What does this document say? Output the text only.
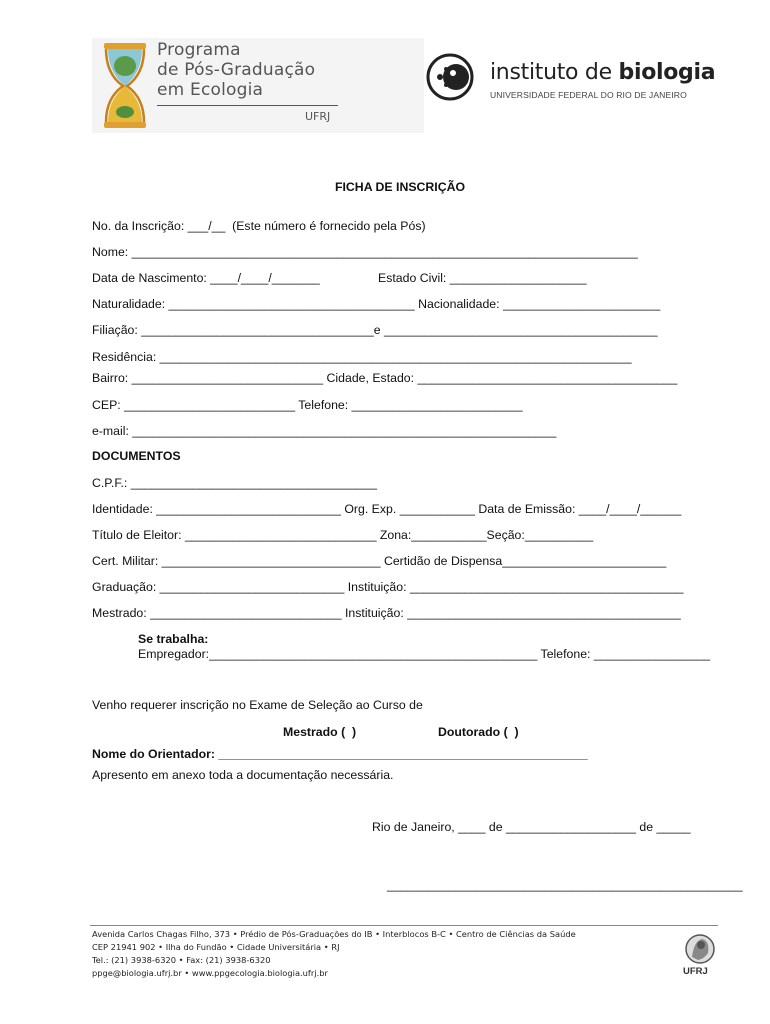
Programa
de Pós-Graduação
em Ecologia
UFRJ
instituto de biologia
UNIVERSIDADE FEDERAL DO RIO DE JANEIRO
FICHA DE INSCRIÇÃO
No. da Inscrição: ___/__  (Este número é fornecido pela Pós)
Nome: __________________________________________________________________________
Data de Nascimento: ____/____/_______	Estado Civil: ____________________
Naturalidade: ____________________________________ Nacionalidade: _______________________
Filiação: __________________________________e ________________________________________
Residência: _____________________________________________________________________
Bairro: ____________________________ Cidade, Estado: ______________________________________
CEP: _________________________ Telefone: _________________________
e-mail: ______________________________________________________________
DOCUMENTOS
C.P.F.: ____________________________________
Identidade: ___________________________ Org. Exp. ___________ Data de Emissão: ____/____/______
Título de Eleitor: ____________________________ Zona:___________Seção:__________
Cert. Militar: ________________________________ Certidão de Dispensa________________________
Graduação: ___________________________ Instituição: ________________________________________
Mestrado: ____________________________ Instituição: ________________________________________
Se trabalha:
Empregador:________________________________________________ Telefone: _________________
Venho requerer inscrição no Exame de Seleção ao Curso de
Mestrado (  )	Doutorado (  )
Nome do Orientador: ______________________________________________________
Apresento em anexo toda a documentação necessária.
Rio de Janeiro, ____ de ___________________ de _____
____________________________________________________
Avenida Carlos Chagas Filho, 373 • Prédio de Pós-Graduações do IB • Interblocos B-C • Centro de Ciências da Saúde
CEP 21941 902 • Ilha do Fundão • Cidade Universitária • RJ
Tel.: (21) 3938-6320 • Fax: (21) 3938-6320
ppge@biologia.ufrj.br • www.ppgecologia.biologia.ufrj.br	UFRJ
